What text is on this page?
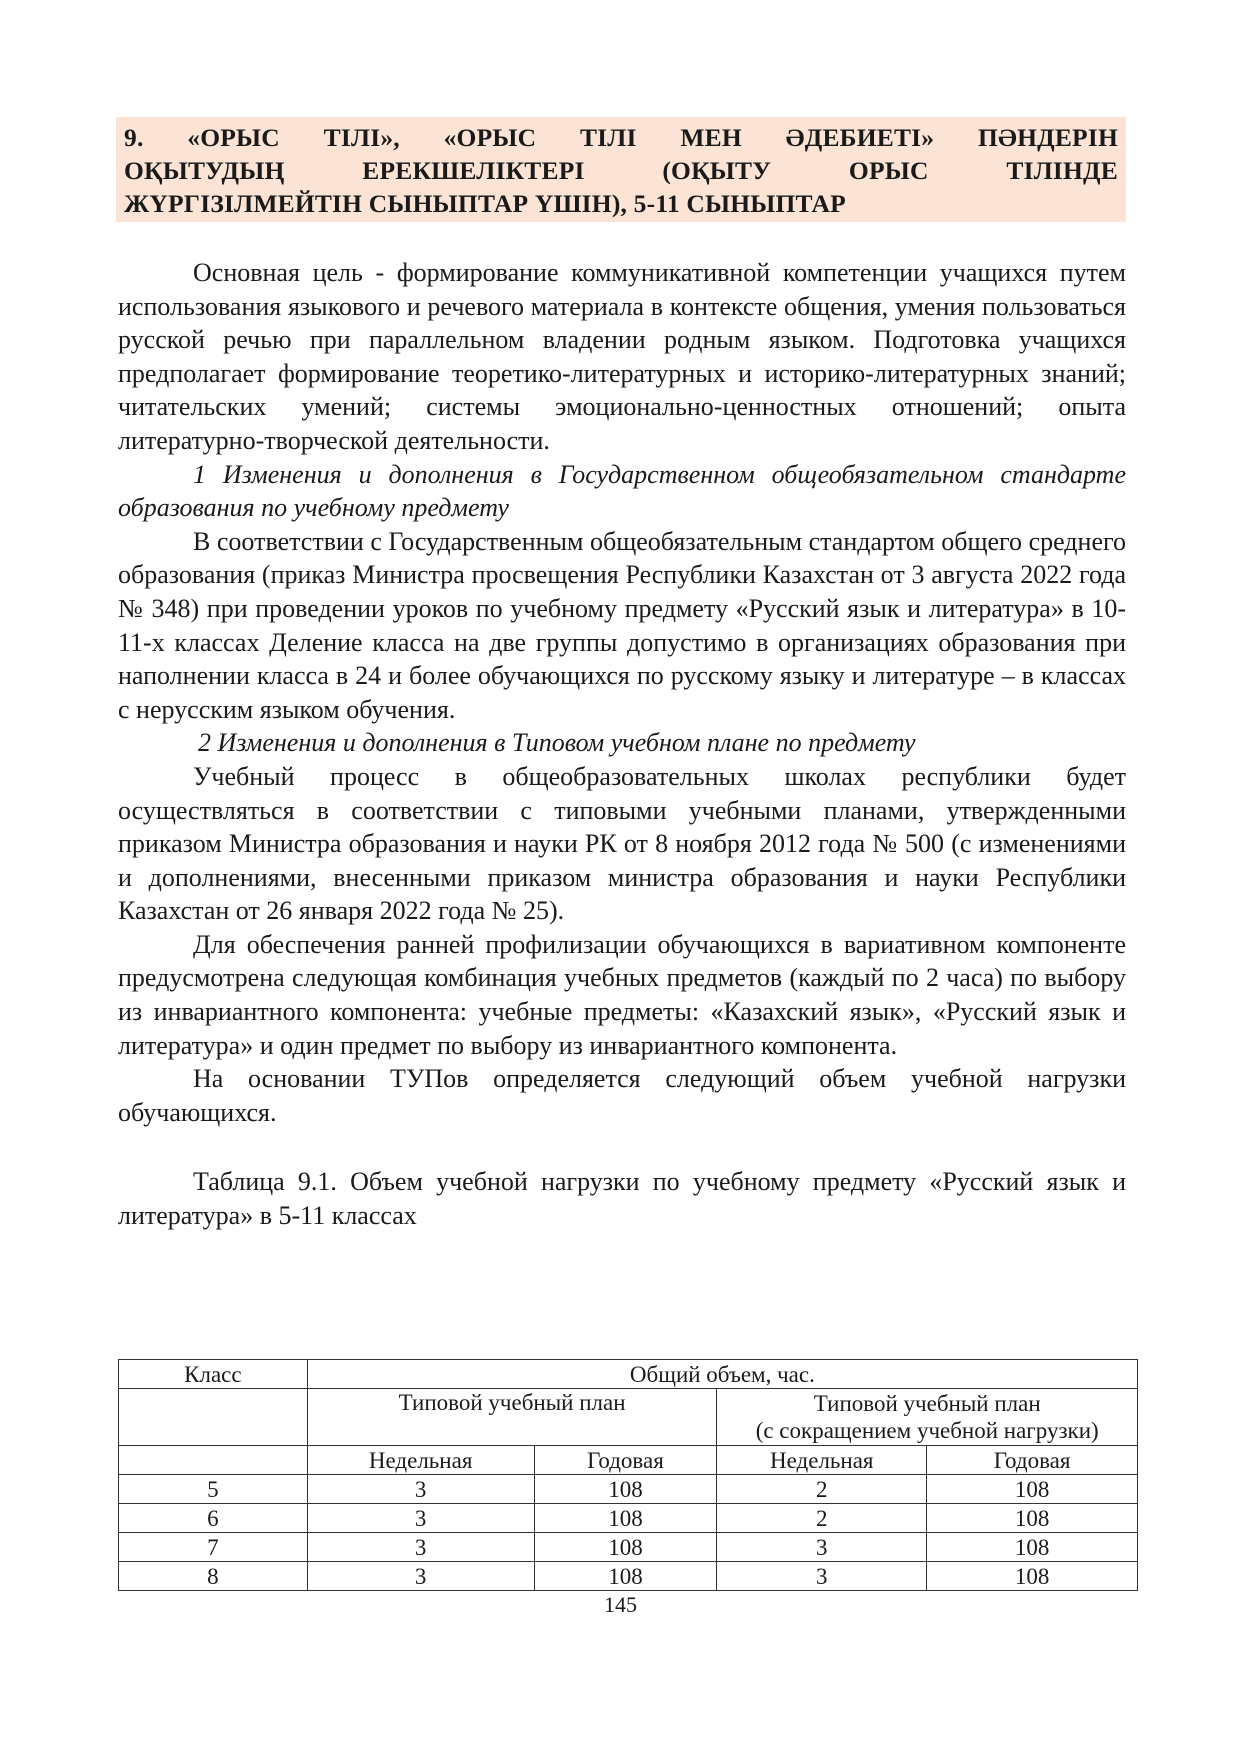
9. «ОРЫС ТІЛІ», «ОРЫС ТІЛІ МЕН ӘДЕБИЕТІ» ПӘНДЕРІН
ОҚЫТУДЫҢ ЕРЕКШЕЛІКТЕРІ (ОҚЫТУ ОРЫС ТІЛІНДЕ
ЖҮРГІЗІЛМЕЙТІН СЫНЫПТАР ҮШІН), 5-11 СЫНЫПТАР

Основная цель - формирование коммуникативной компетенции учащихся путем использования языкового и речевого материала в контексте общения, умения пользоваться русской речью при параллельном владении родным языком. Подготовка учащихся предполагает формирование теоретико-литературных и историко-литературных знаний; читательских умений; системы эмоционально-ценностных отношений; опыта литературно-творческой деятельности.

1 Изменения и дополнения в Государственном общеобязательном стандарте образования по учебному предмету

В соответствии с Государственным общеобязательным стандартом общего среднего образования (приказ Министра просвещения Республики Казахстан от 3 августа 2022 года № 348) при проведении уроков по учебному предмету «Русский язык и литература» в 10-11-х классах Деление класса на две группы допустимо в организациях образования при наполнении класса в 24 и более обучающихся по русскому языку и литературе – в классах с нерусским языком обучения.

2 Изменения и дополнения в Типовом учебном плане по предмету

Учебный процесс в общеобразовательных школах республики будет осуществляться в соответствии с типовыми учебными планами, утвержденными приказом Министра образования и науки РК от 8 ноября 2012 года № 500 (с изменениями и дополнениями, внесенными приказом министра образования и науки Республики Казахстан от 26 января 2022 года № 25).

Для обеспечения ранней профилизации обучающихся в вариативном компоненте предусмотрена следующая комбинация учебных предметов (каждый по 2 часа) по выбору из инвариантного компонента: учебные предметы: «Казахский язык», «Русский язык и литература» и один предмет по выбору из инвариантного компонента.

На основании ТУПов определяется следующий объем учебной нагрузки обучающихся.

Таблица 9.1. Объем учебной нагрузки по учебному предмету «Русский язык и литература» в 5-11 классах

Класс	Общий объем, час.			
	Типовой учебный план		Типовой учебный план
(с сокращением учебной нагрузки)	

	Недельная	Годовая	Недельная	Годовая
5	3	108	2	108
6	3	108	2	108
7	3	108	3	108
8	3	108	3	108
145
